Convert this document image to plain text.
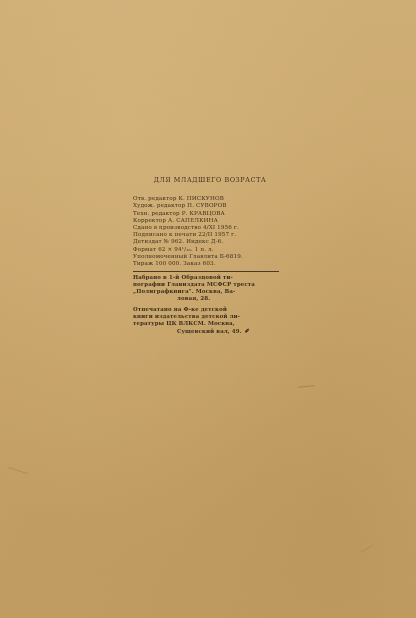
ДЛЯ МЛАДШЕГО ВОЗРАСТА
Отв. редактор К. ПИСКУНОВ
Худож. редактор П. СУВОРОВ
Техн. редактор Р. КРАВЦОВА
Корректор А. САПЕЛКИНА
Сдано в производство 4/XI 1956 г.
Подписано к печати 22/II 1957 г.
Детиздат № 962. Индекс Д-6.
Формат 62 × 94¹/₁₆. 1 п. л.
Уполномоченный Главлита Б-6819.
Тираж 100 000. Заказ 603.
Набрано в 1-й Образцовой ти-
пографии Главиздата МСФСР треста
„Полиграфкнига". Москва, Ва-
ловая, 28.
Отпечатано на Ф-ке детской
книги издательства детской ли-
тературы ЦК ВЛКСМ. Москва,
Сущевский вал, 49. ✐
